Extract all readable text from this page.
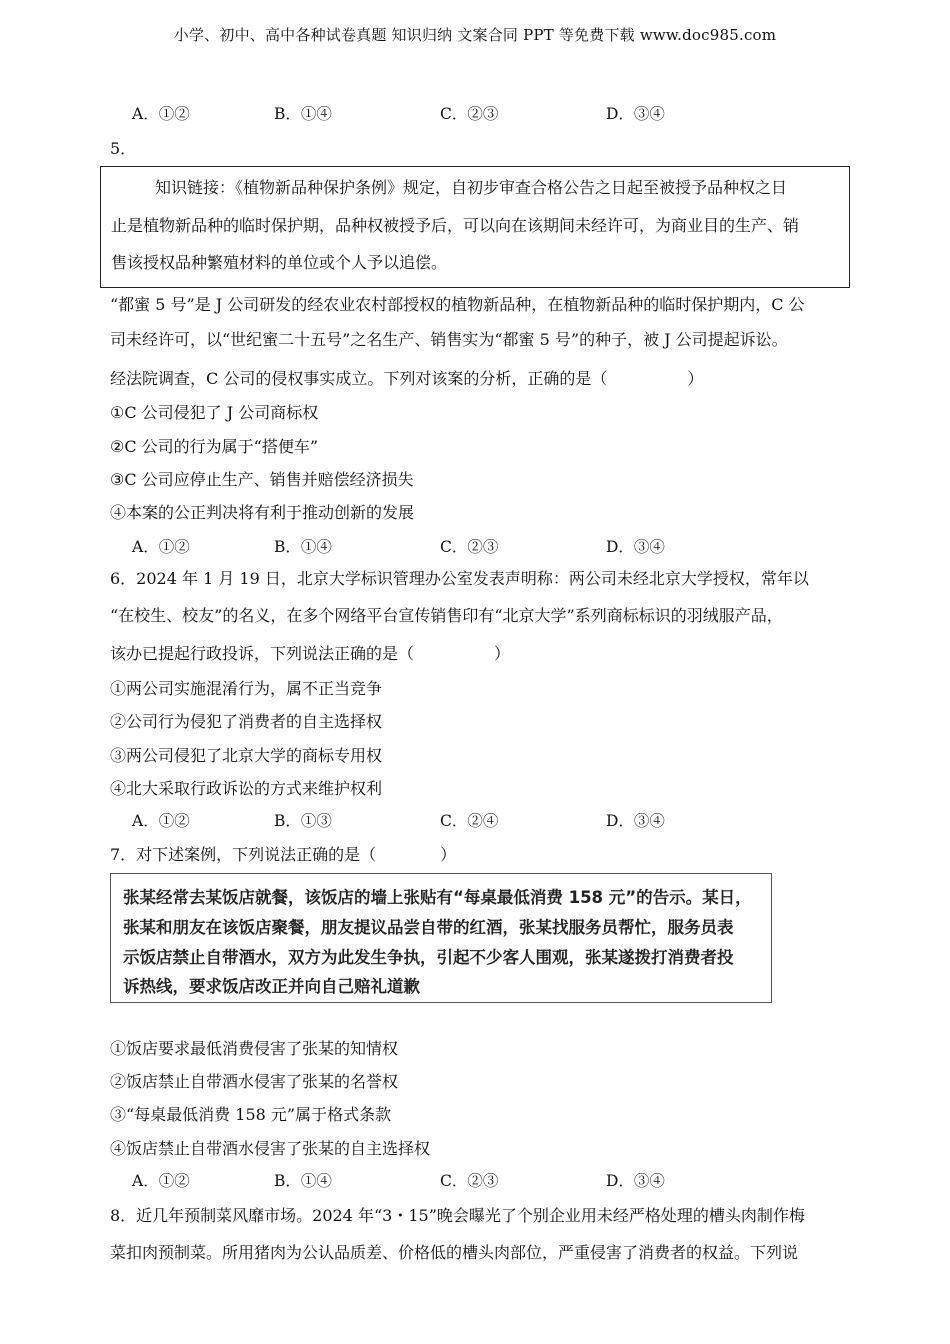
小学、初中、高中各种试卷真题 知识归纳 文案合同 PPT 等免费下载 www.doc985.com
A．①②	B．①④	C．②③	D．③④
5．
知识链接：《植物新品种保护条例》规定，自初步审查合格公告之日起至被授予品种权之日
止是植物新品种的临时保护期，品种权被授予后，可以向在该期间未经许可，为商业目的生产、销
售该授权品种繁殖材料的单位或个人予以追偿。
“都蜜 5 号”是 J 公司研发的经农业农村部授权的植物新品种，在植物新品种的临时保护期内，C 公
司未经许可，以“世纪蜜二十五号”之名生产、销售实为“都蜜 5 号”的种子，被 J 公司提起诉讼。
经法院调查，C 公司的侵权事实成立。下列对该案的分析，正确的是（　　　　　）
①C 公司侵犯了 J 公司商标权
②C 公司的行为属于“搭便车”
③C 公司应停止生产、销售并赔偿经济损失
④本案的公正判决将有利于推动创新的发展
A．①②	B．①④	C．②③	D．③④
6．2024 年 1 月 19 日，北京大学标识管理办公室发表声明称：两公司未经北京大学授权，常年以
“在校生、校友”的名义，在多个网络平台宣传销售印有“北京大学”系列商标标识的羽绒服产品，
该办已提起行政投诉，下列说法正确的是（　　　　　）
①两公司实施混淆行为，属不正当竞争
②公司行为侵犯了消费者的自主选择权
③两公司侵犯了北京大学的商标专用权
④北大采取行政诉讼的方式来维护权利
A．①②	B．①③	C．②④	D．③④
7．对下述案例，下列说法正确的是（　　　　）
张某经常去某饭店就餐，该饭店的墙上张贴有“每桌最低消费 158 元”的告示。某日，
张某和朋友在该饭店聚餐，朋友提议品尝自带的红酒，张某找服务员帮忙，服务员表
示饭店禁止自带酒水，双方为此发生争执，引起不少客人围观，张某遂拨打消费者投
诉热线，要求饭店改正并向自己赔礼道歉
①饭店要求最低消费侵害了张某的知情权
②饭店禁止自带酒水侵害了张某的名誉权
③“每桌最低消费 158 元”属于格式条款
④饭店禁止自带酒水侵害了张某的自主选择权
A．①②	B．①④	C．②③	D．③④
8．近几年预制菜风靡市场。2024 年“3・15”晚会曝光了个别企业用未经严格处理的槽头肉制作梅
菜扣肉预制菜。所用猪肉为公认品质差、价格低的槽头肉部位，严重侵害了消费者的权益。下列说
